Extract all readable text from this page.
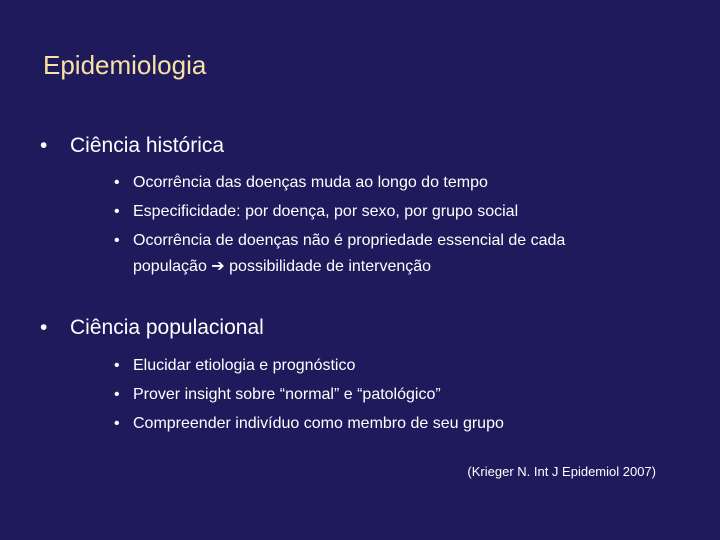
Epidemiologia
• Ciência histórica
• Ocorrência das doenças muda ao longo do tempo
• Especificidade: por doença, por sexo, por grupo social
• Ocorrência de doenças não é propriedade essencial de cada
população ➔ possibilidade de intervenção
• Ciência populacional
• Elucidar etiologia e prognóstico
• Prover insight sobre “normal” e “patológico”
• Compreender indivíduo como membro de seu grupo
(Krieger N. Int J Epidemiol 2007)
